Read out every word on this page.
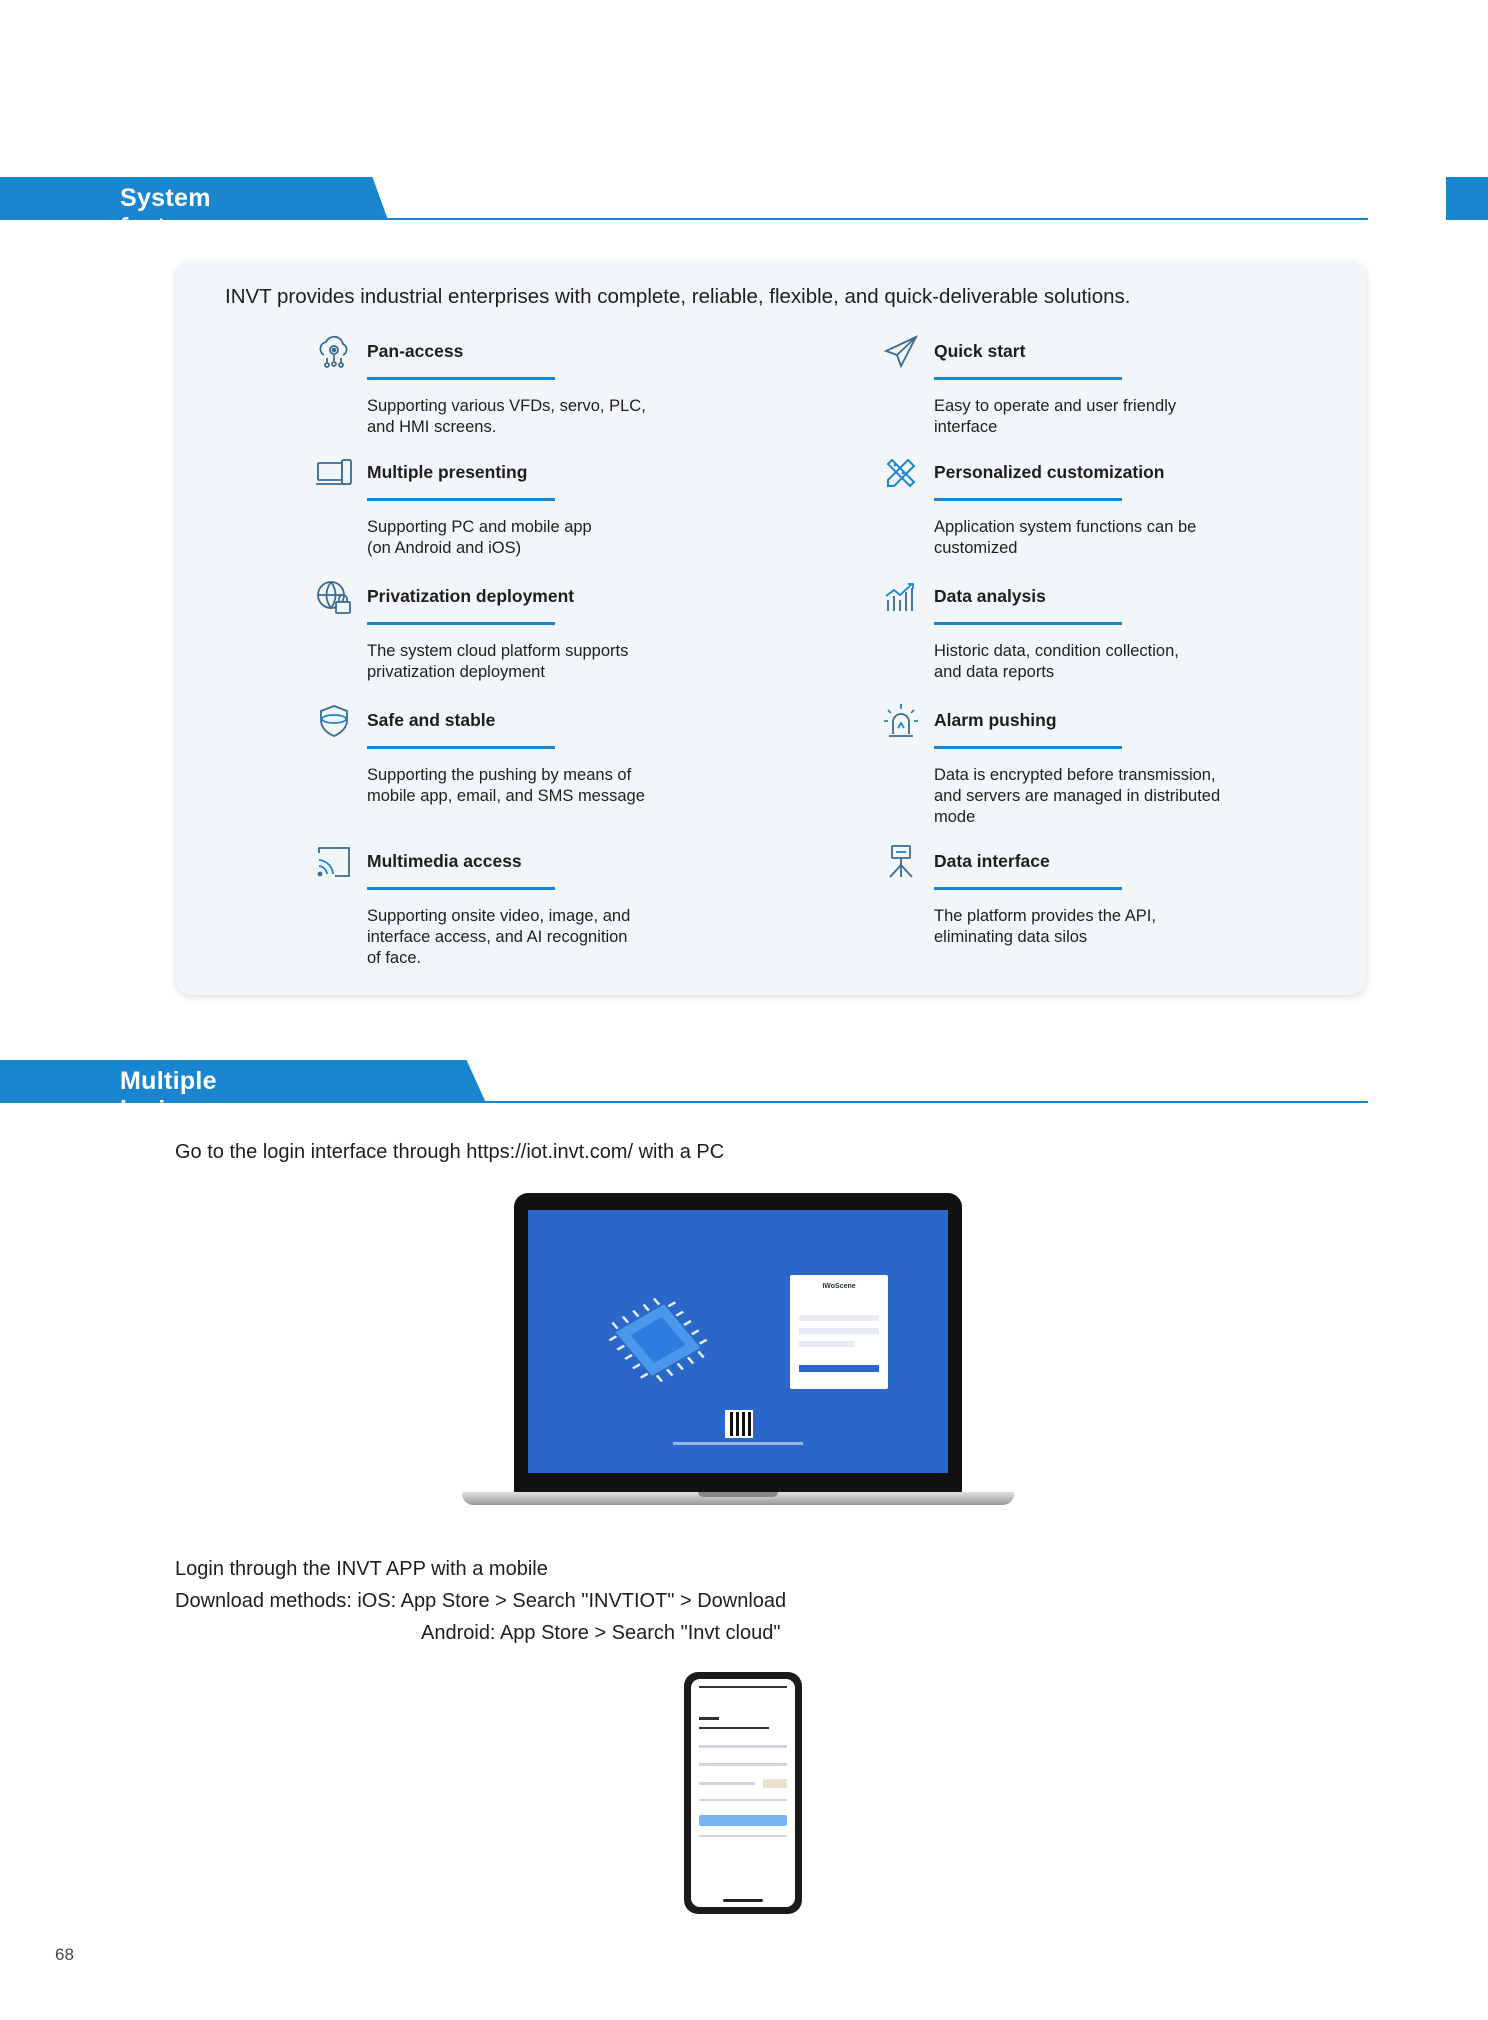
System features
INVT provides industrial enterprises with complete, reliable, flexible, and quick-deliverable solutions.
Pan-access
Supporting various VFDs, servo, PLC,
and HMI screens.
Quick start
Easy to operate and user friendly
interface
Multiple presenting
Supporting PC and mobile app
(on Android and iOS)
Personalized customization
Application system functions can be
customized
Privatization deployment
The system cloud platform supports
privatization deployment
Data analysis
Historic data, condition collection,
and data reports
Safe and stable
Supporting the pushing by means of
mobile app, email, and SMS message
Alarm pushing
Data is encrypted before transmission,
and servers are managed in distributed
mode
Multimedia access
Supporting onsite video, image, and
interface access, and AI recognition
of face.
Data interface
The platform provides the API,
eliminating data silos
Multiple login methods
Go to the login interface through https://iot.invt.com/ with a PC
IWoScene
Login through the INVT APP with a mobile
Download methods: iOS: App Store > Search "INVTIOT" > Download
Android: App Store > Search "Invt cloud"
68
